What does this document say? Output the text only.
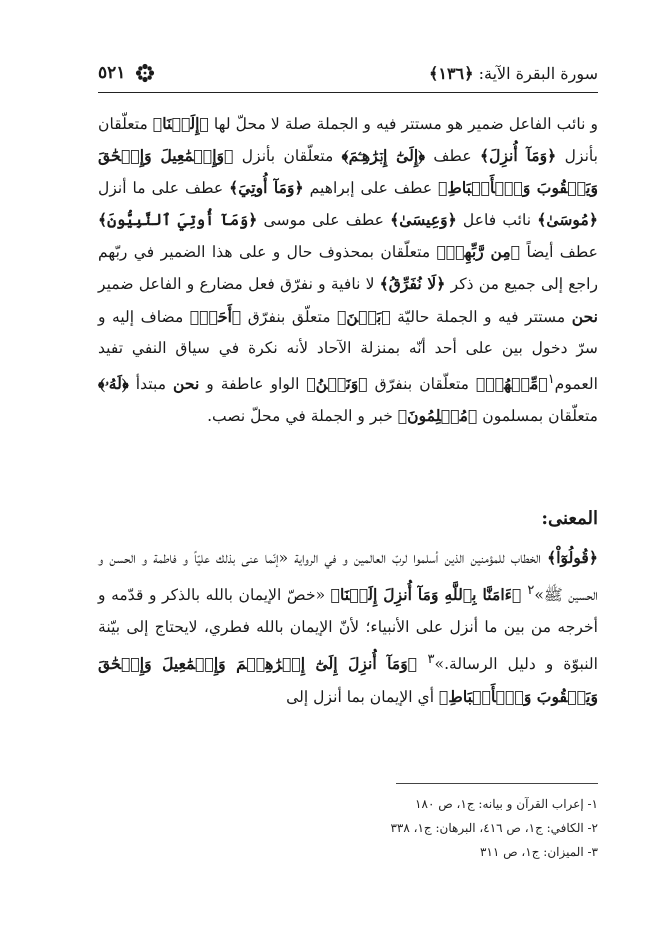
سورة البقرة الآية: ﴿١٣٦﴾
٥٢١

و نائب الفاعل ضمير هو مستتر فيه و الجملة صلة لا محلّ لها ﴿إِلَيۡنَا﴾ متعلّقان بأنزل ﴿وَمَآ أُنزِلَ﴾ عطف ﴿إِلَىٰٓ إِبۡرَٰهِـۧمَ﴾ متعلّقان بأنزل ﴿وَإِسۡمَٰعِيلَ وَإِسۡحَٰقَ وَيَعۡقُوبَ وَٱلۡأَسۡبَاطِ﴾ عطف على إبراهيم ﴿وَمَآ أُوتِيَ﴾ عطف على ما أنزل ﴿مُوسَىٰ﴾ نائب فاعل ﴿وَعِيسَىٰ﴾ عطف على موسى ﴿وَمَآ أُوتِيَ ٱلنَّبِيُّونَ﴾ عطف أيضاً ﴿مِن رَّبِّهِمۡ﴾ متعلّقان بمحذوف حال و على هذا الضمير في ربّهم راجع إلى جميع من ذكر ﴿لَا نُفَرِّقُ﴾ لا نافية و نفرّق فعل مضارع و الفاعل ضمير نحن مستتر فيه و الجملة حاليّة ﴿بَيۡنَ﴾ متعلّق بنفرّق ﴿أَحَدٖ﴾ مضاف إليه و سرّ دخول بين على أحد أنّه بمنزلة الآحاد لأنه نكرة في سياق النفي تفيد العموم$^١$﴿مِّنۡهُمۡ﴾ متعلّقان بنفرّق ﴿وَنَحۡنُ﴾ الواو عاطفة و نحن مبتدأ ﴿لَهُۥ﴾ متعلّقان بمسلمون ﴿مُسۡلِمُونَ﴾ خبر و الجملة في محلّ نصب.

المعنى:

﴿قُولُوٓاْ﴾ الخطاب للمؤمنين الذين أسلموا لربّ العالمين و في الرواية «إنّما عنى بذلك عليّاً و فاطمة و الحسن و الحسين ﷺ»$^٢$ ﴿ءَامَنَّا بِٱللَّهِ وَمَآ أُنزِلَ إِلَيۡنَا﴾ «خصّ الإيمان بالله بالذكر و قدّمه و أخرجه من بين ما أنزل على الأنبياء؛ لأنّ الإيمان بالله فطري، لايحتاج إلى بيّنة النبوّة و دليل الرسالة.»$^٣$ ﴿وَمَآ أُنزِلَ إِلَىٰٓ إِبۡرَٰهِـۧمَ وَإِسۡمَٰعِيلَ وَإِسۡحَٰقَ وَيَعۡقُوبَ وَٱلۡأَسۡبَاطِ﴾ أي الإيمان بما أنزل إلى

١- إعراب القرآن و بيانه: ج١، ص ١٨٠
٢- الكافي: ج١، ص ٤١٦، البرهان: ج١، ٣٣٨
٣- الميزان: ج١، ص ٣١١
